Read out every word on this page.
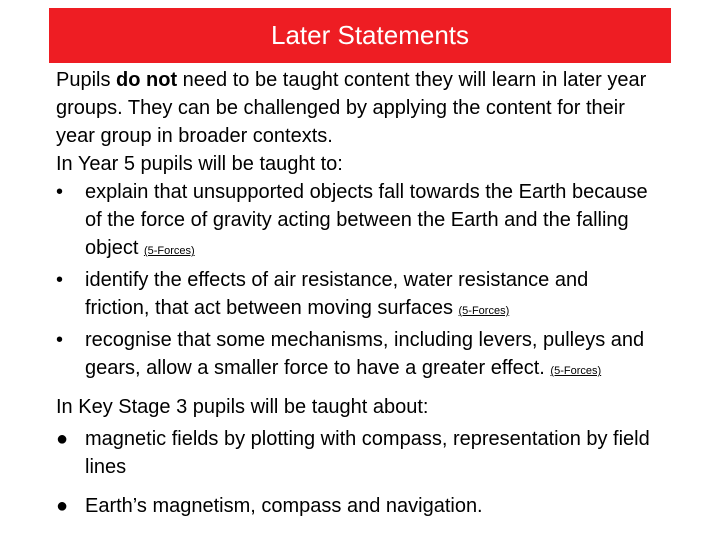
Later Statements

Pupils do not need to be taught content they will learn in later year groups. They can be challenged by applying the content for their year group in broader contexts.

In Year 5 pupils will be taught to:

• explain that unsupported objects fall towards the Earth because of the force of gravity acting between the Earth and the falling object (5-Forces)
• identify the effects of air resistance, water resistance and friction, that act between moving surfaces (5-Forces)
• recognise that some mechanisms, including levers, pulleys and gears, allow a smaller force to have a greater effect. (5-Forces)

In Key Stage 3 pupils will be taught about:

● magnetic fields by plotting with compass, representation by field lines
● Earth’s magnetism, compass and navigation.
